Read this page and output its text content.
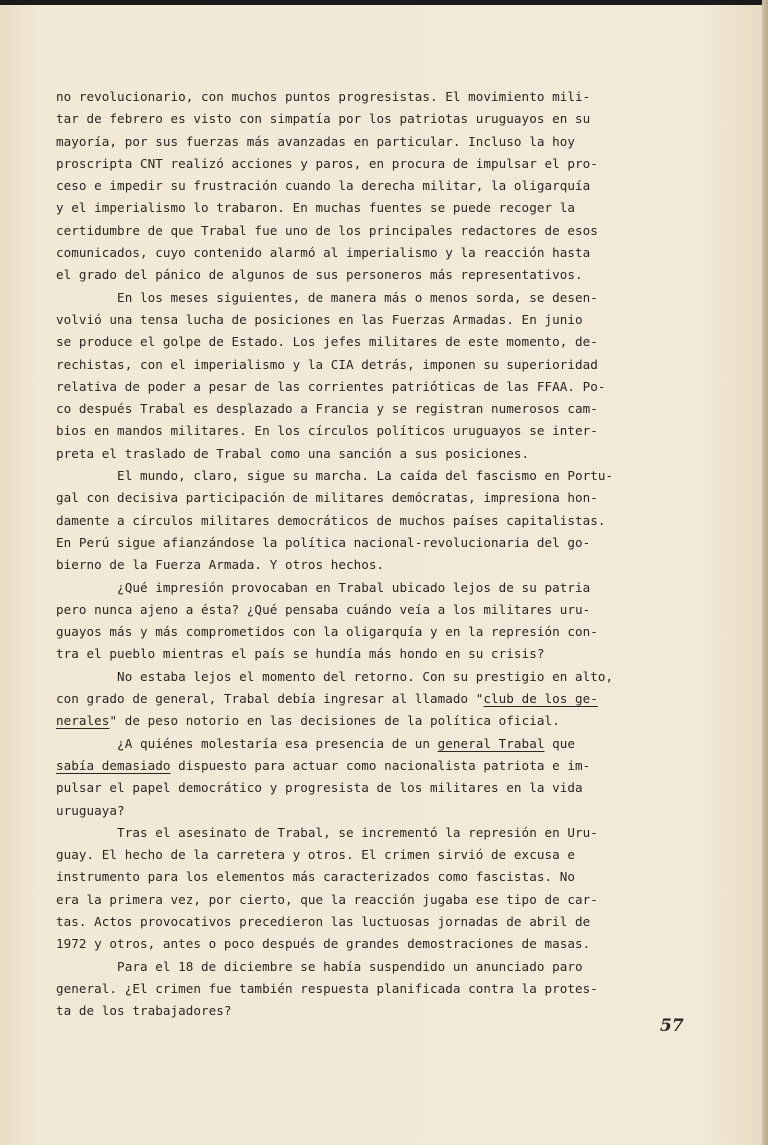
no revolucionario, con muchos puntos progresistas. El movimiento mili-
tar de febrero es visto con simpatía por los patriotas uruguayos en su
mayoría, por sus fuerzas más avanzadas en particular. Incluso la hoy
proscripta CNT realizó acciones y paros, en procura de impulsar el pro-
ceso e impedir su frustración cuando la derecha militar, la oligarquía
y el imperialismo lo trabaron. En muchas fuentes se puede recoger la
certidumbre de que Trabal fue uno de los principales redactores de esos
comunicados, cuyo contenido alarmó al imperialismo y la reacción hasta
el grado del pánico de algunos de sus personeros más representativos.
En los meses siguientes, de manera más o menos sorda, se desen-
volvió una tensa lucha de posiciones en las Fuerzas Armadas. En junio
se produce el golpe de Estado. Los jefes militares de este momento, de-
rechistas, con el imperialismo y la CIA detrás, imponen su superioridad
relativa de poder a pesar de las corrientes patrióticas de las FFAA. Po-
co después Trabal es desplazado a Francia y se registran numerosos cam-
bios en mandos militares. En los círculos políticos uruguayos se inter-
preta el traslado de Trabal como una sanción a sus posiciones.
El mundo, claro, sigue su marcha. La caída del fascismo en Portu-
gal con decisiva participación de militares demócratas, impresiona hon-
damente a círculos militares democráticos de muchos países capitalistas.
En Perú sigue afianzándose la política nacional-revolucionaria del go-
bierno de la Fuerza Armada. Y otros hechos.
¿Qué impresión provocaban en Trabal ubicado lejos de su patria
pero nunca ajeno a ésta? ¿Qué pensaba cuándo veía a los militares uru-
guayos más y más comprometidos con la oligarquía y en la represión con-
tra el pueblo mientras el país se hundía más hondo en su crisis?
No estaba lejos el momento del retorno. Con su prestigio en alto,
con grado de general, Trabal debía ingresar al llamado "club de los ge-
nerales" de peso notorio en las decisiones de la política oficial.
¿A quiénes molestaría esa presencia de un general Trabal que
sabía demasiado dispuesto para actuar como nacionalista patriota e im-
pulsar el papel democrático y progresista de los militares en la vida
uruguaya?
Tras el asesinato de Trabal, se incrementó la represión en Uru-
guay. El hecho de la carretera y otros. El crimen sirvió de excusa e
instrumento para los elementos más caracterizados como fascistas. No
era la primera vez, por cierto, que la reacción jugaba ese tipo de car-
tas. Actos provocativos precedieron las luctuosas jornadas de abril de
1972 y otros, antes o poco después de grandes demostraciones de masas.
Para el 18 de diciembre se había suspendido un anunciado paro
general. ¿El crimen fue también respuesta planificada contra la protes-
ta de los trabajadores?
57
